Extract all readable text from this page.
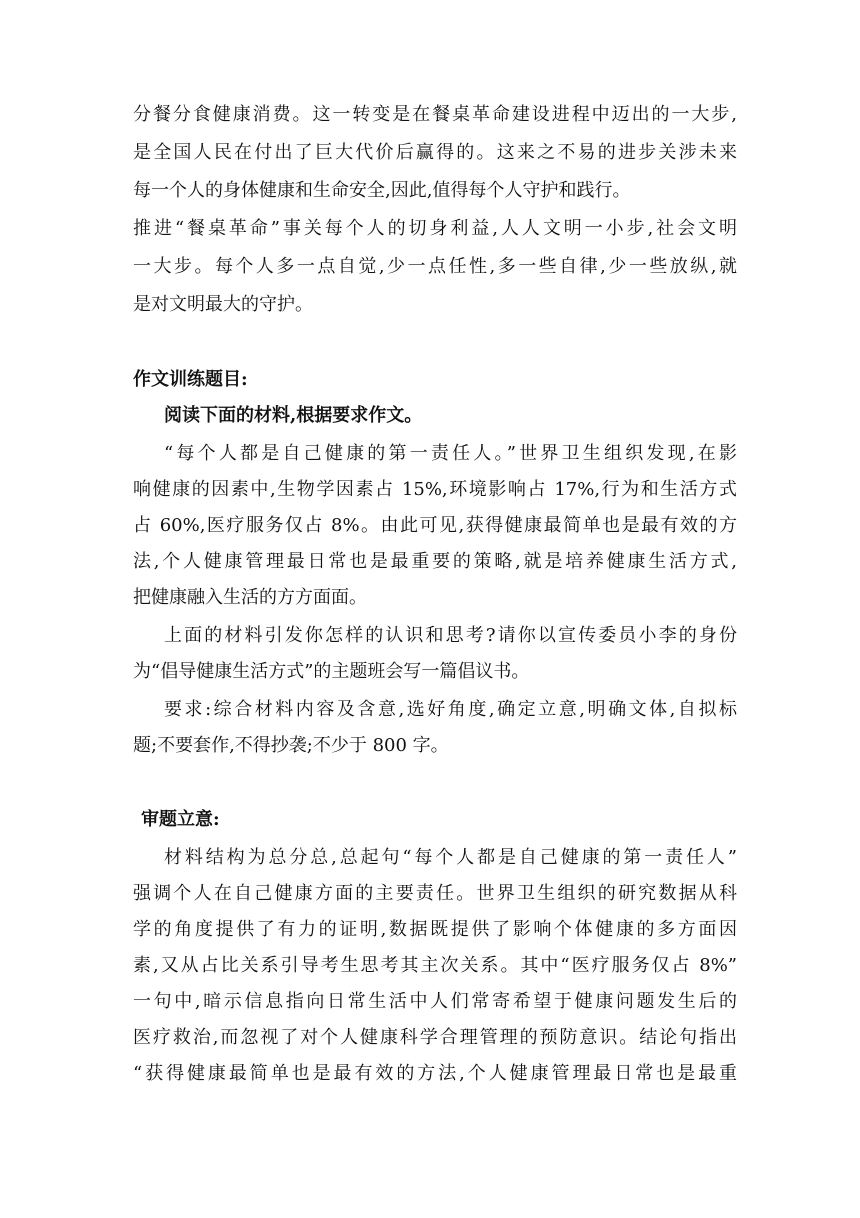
分餐分食健康消费。这一转变是在餐桌革命建设进程中迈出的一大步,
是全国人民在付出了巨大代价后赢得的。这来之不易的进步关涉未来
每一个人的身体健康和生命安全,因此,值得每个人守护和践行。
推进“餐桌革命”事关每个人的切身利益,人人文明一小步,社会文明
一大步。每个人多一点自觉,少一点任性,多一些自律,少一些放纵,就
是对文明最大的守护。
作文训练题目:
阅读下面的材料,根据要求作文。
“每个人都是自己健康的第一责任人。”世界卫生组织发现,在影
响健康的因素中,生物学因素占 15%,环境影响占 17%,行为和生活方式
占 60%,医疗服务仅占 8%。由此可见,获得健康最简单也是最有效的方
法,个人健康管理最日常也是最重要的策略,就是培养健康生活方式,
把健康融入生活的方方面面。
上面的材料引发你怎样的认识和思考?请你以宣传委员小李的身份
为“倡导健康生活方式”的主题班会写一篇倡议书。
要求:综合材料内容及含意,选好角度,确定立意,明确文体,自拟标
题;不要套作,不得抄袭;不少于 800 字。
审题立意:
材料结构为总分总,总起句“每个人都是自己健康的第一责任人”
强调个人在自己健康方面的主要责任。世界卫生组织的研究数据从科
学的角度提供了有力的证明,数据既提供了影响个体健康的多方面因
素,又从占比关系引导考生思考其主次关系。其中“医疗服务仅占 8%”
一句中,暗示信息指向日常生活中人们常寄希望于健康问题发生后的
医疗救治,而忽视了对个人健康科学合理管理的预防意识。结论句指出
“获得健康最简单也是最有效的方法,个人健康管理最日常也是最重
